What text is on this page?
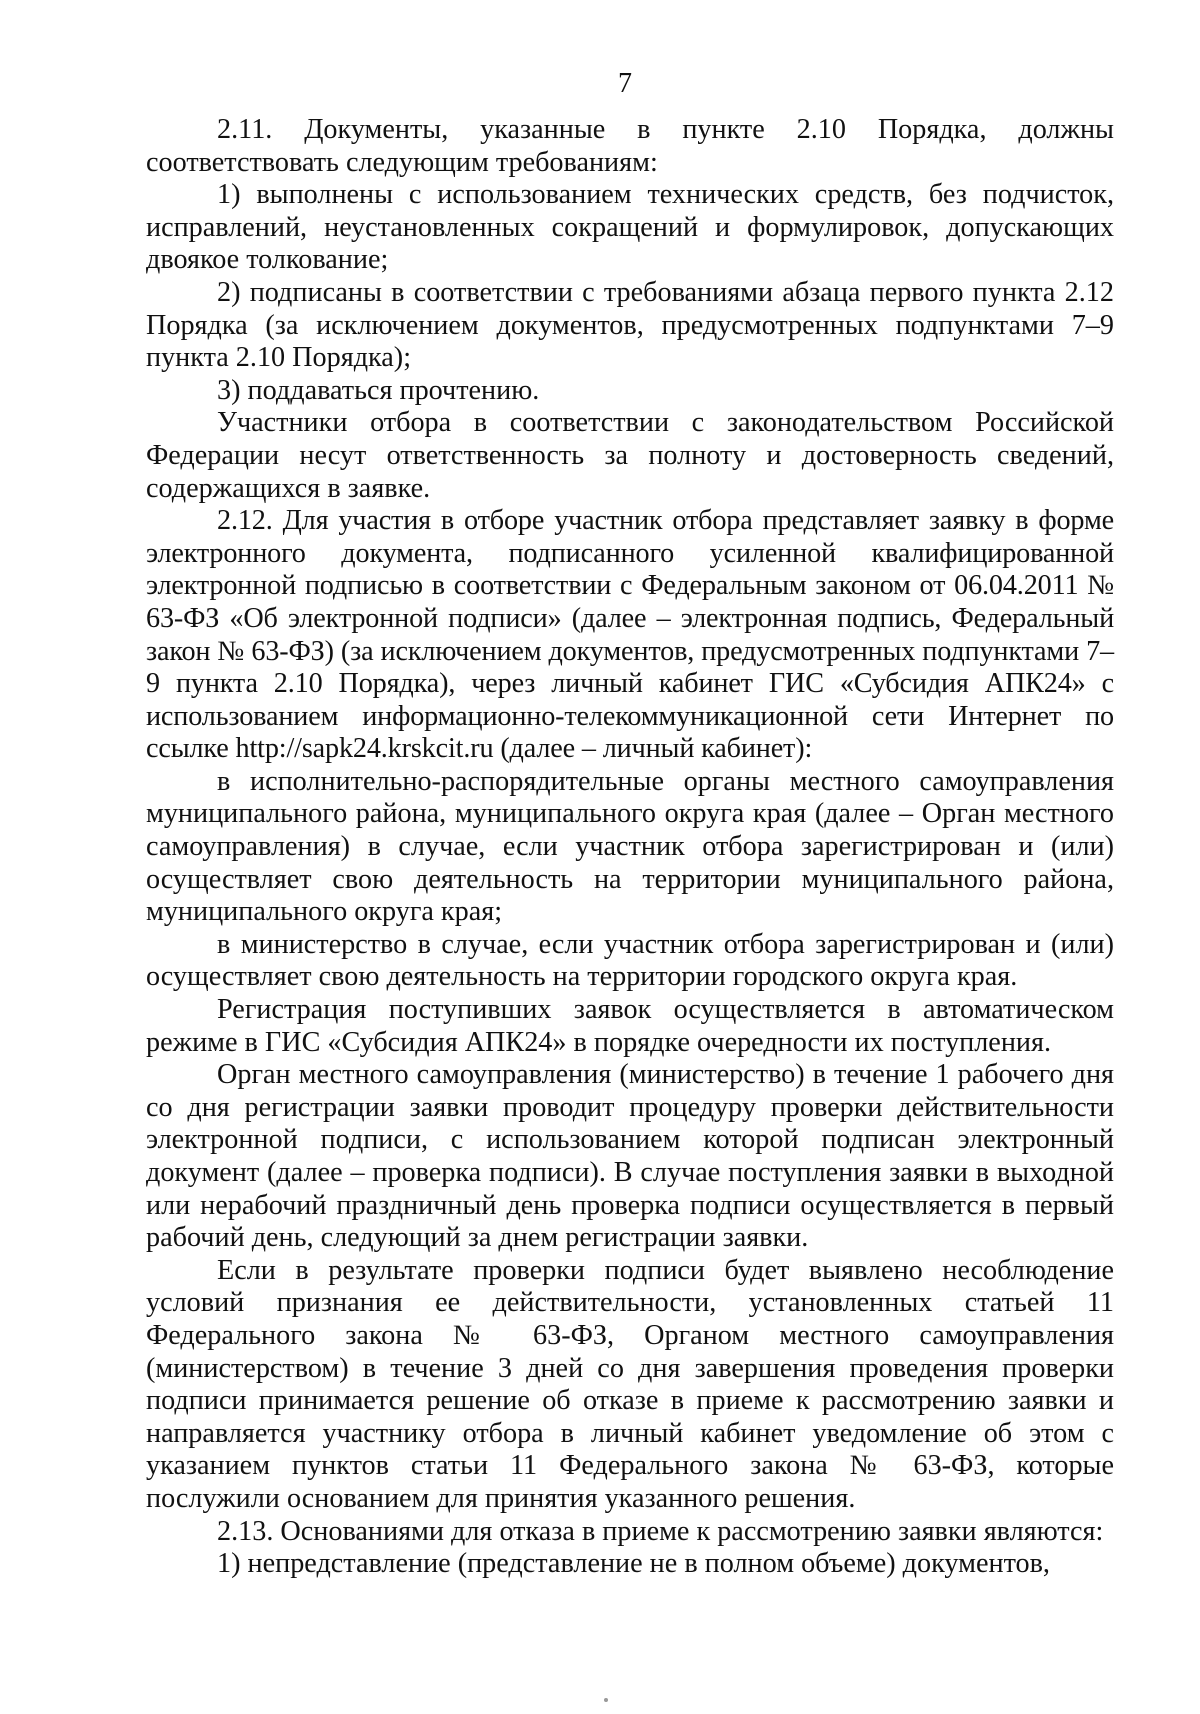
7

2.11. Документы, указанные в пункте 2.10 Порядка, должны соответствовать следующим требованиям:

1) выполнены с использованием технических средств, без подчисток, исправлений, неустановленных сокращений и формулировок, допускающих двоякое толкование;

2) подписаны в соответствии с требованиями абзаца первого пункта 2.12 Порядка (за исключением документов, предусмотренных подпунктами 7–9 пункта 2.10 Порядка);

3) поддаваться прочтению.

Участники отбора в соответствии с законодательством Российской Федерации несут ответственность за полноту и достоверность сведений, содержащихся в заявке.

2.12. Для участия в отборе участник отбора представляет заявку в форме электронного документа, подписанного усиленной квалифицированной электронной подписью в соответствии с Федеральным законом от 06.04.2011 № 63-ФЗ «Об электронной подписи» (далее – электронная подпись, Федеральный закон № 63-ФЗ) (за исключением документов, предусмотренных подпунктами 7–9 пункта 2.10 Порядка), через личный кабинет ГИС «Субсидия АПК24» с использованием информационно-телекоммуникационной сети Интернет по ссылке http://sapk24.krskcit.ru (далее – личный кабинет):

в исполнительно-распорядительные органы местного самоуправления муниципального района, муниципального округа края (далее – Орган местного самоуправления) в случае, если участник отбора зарегистрирован и (или) осуществляет свою деятельность на территории муниципального района, муниципального округа края;

в министерство в случае, если участник отбора зарегистрирован и (или) осуществляет свою деятельность на территории городского округа края.

Регистрация поступивших заявок осуществляется в автоматическом режиме в ГИС «Субсидия АПК24» в порядке очередности их поступления.

Орган местного самоуправления (министерство) в течение 1 рабочего дня со дня регистрации заявки проводит процедуру проверки действительности электронной подписи, с использованием которой подписан электронный документ (далее – проверка подписи). В случае поступления заявки в выходной или нерабочий праздничный день проверка подписи осуществляется в первый рабочий день, следующий за днем регистрации заявки.

Если в результате проверки подписи будет выявлено несоблюдение условий признания ее действительности, установленных статьей 11 Федерального закона № 63-ФЗ, Органом местного самоуправления (министерством) в течение 3 дней со дня завершения проведения проверки подписи принимается решение об отказе в приеме к рассмотрению заявки и направляется участнику отбора в личный кабинет уведомление об этом с указанием пунктов статьи 11 Федерального закона № 63-ФЗ, которые послужили основанием для принятия указанного решения.

2.13. Основаниями для отказа в приеме к рассмотрению заявки являются:

1) непредставление (представление не в полном объеме) документов,
